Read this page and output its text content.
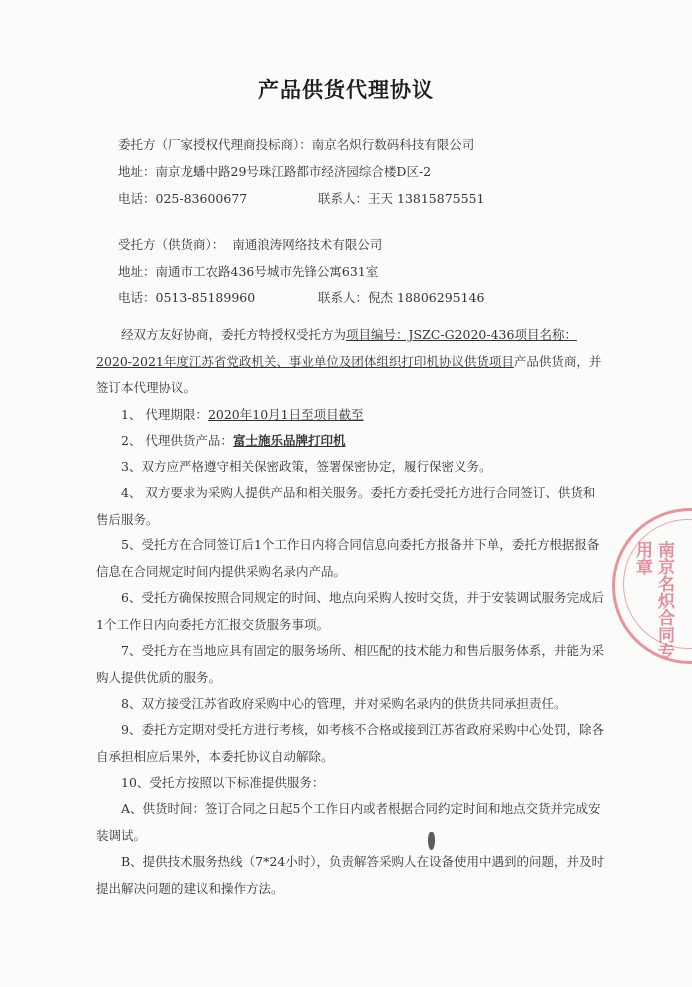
产品供货代理协议
委托方（厂家授权代理商投标商）：南京名炽行数码科技有限公司
地址：南京龙蟠中路29号珠江路都市经济园综合楼D区-2
电话：025-83600677	联系人：王天 13815875551
受托方（供货商）： 南通浪涛网络技术有限公司
地址：南通市工农路436号城市先锋公寓631室
电话：0513-85189960	联系人：倪杰 18806295146
经双方友好协商，委托方特授权受托方为项目编号：JSZC-G2020-436项目名称：2020-2021年度江苏省党政机关、事业单位及团体组织打印机协议供货项目产品供货商，并签订本代理协议。
1、 代理期限：2020年10月1日至项目截至
2、 代理供货产品：富士施乐品牌打印机
3、双方应严格遵守相关保密政策，签署保密协定，履行保密义务。
4、 双方要求为采购人提供产品和相关服务。委托方委托受托方进行合同签订、供货和售后服务。
5、受托方在合同签订后1个工作日内将合同信息向委托方报备并下单，委托方根据报备信息在合同规定时间内提供采购名录内产品。
6、受托方确保按照合同规定的时间、地点向采购人按时交货，并于安装调试服务完成后1个工作日内向委托方汇报交货服务事项。
7、受托方在当地应具有固定的服务场所、相匹配的技术能力和售后服务体系，并能为采购人提供优质的服务。
8、双方接受江苏省政府采购中心的管理，并对采购名录内的供货共同承担责任。
9、委托方定期对受托方进行考核，如考核不合格或接到江苏省政府采购中心处罚，除各自承担相应后果外，本委托协议自动解除。
10、受托方按照以下标准提供服务：
A、供货时间：签订合同之日起5个工作日内或者根据合同约定时间和地点交货并完成安装调试。
B、提供技术服务热线（7*24小时），负责解答采购人在设备使用中遇到的问题，并及时提出解决问题的建议和操作方法。
南京名炽合同专用章
